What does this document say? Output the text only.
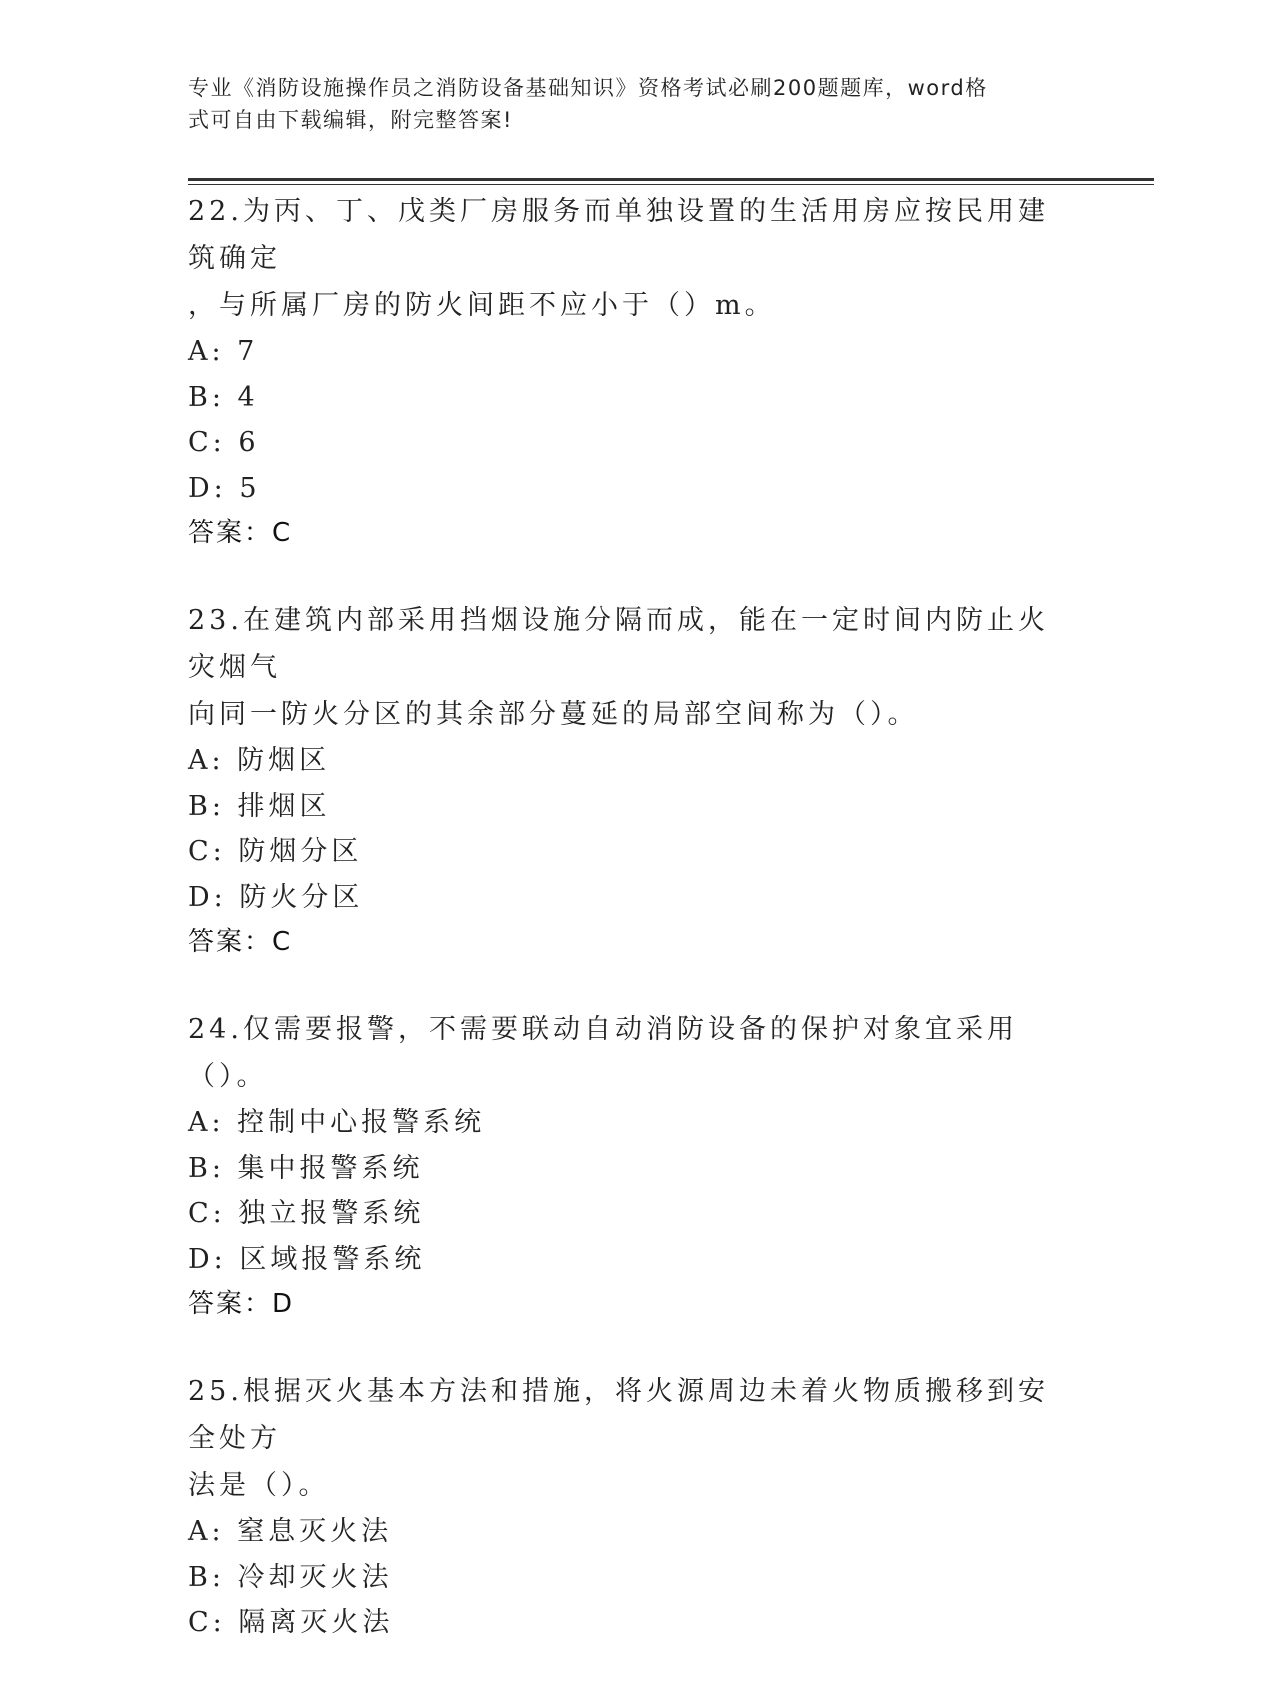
专业《消防设施操作员之消防设备基础知识》资格考试必刷200题题库，word格
式可自由下载编辑，附完整答案!
22.为丙、丁、戊类厂房服务而单独设置的生活用房应按民用建筑确定
，与所属厂房的防火间距不应小于（）m。
A: 7
B: 4
C: 6
D: 5
答案：C
23.在建筑内部采用挡烟设施分隔而成，能在一定时间内防止火灾烟气
向同一防火分区的其余部分蔓延的局部空间称为（）。
A: 防烟区
B: 排烟区
C: 防烟分区
D: 防火分区
答案：C
24.仅需要报警，不需要联动自动消防设备的保护对象宜采用（）。
A: 控制中心报警系统
B: 集中报警系统
C: 独立报警系统
D: 区域报警系统
答案：D
25.根据灭火基本方法和措施，将火源周边未着火物质搬移到安全处方
法是（）。
A: 窒息灭火法
B: 冷却灭火法
C: 隔离灭火法
